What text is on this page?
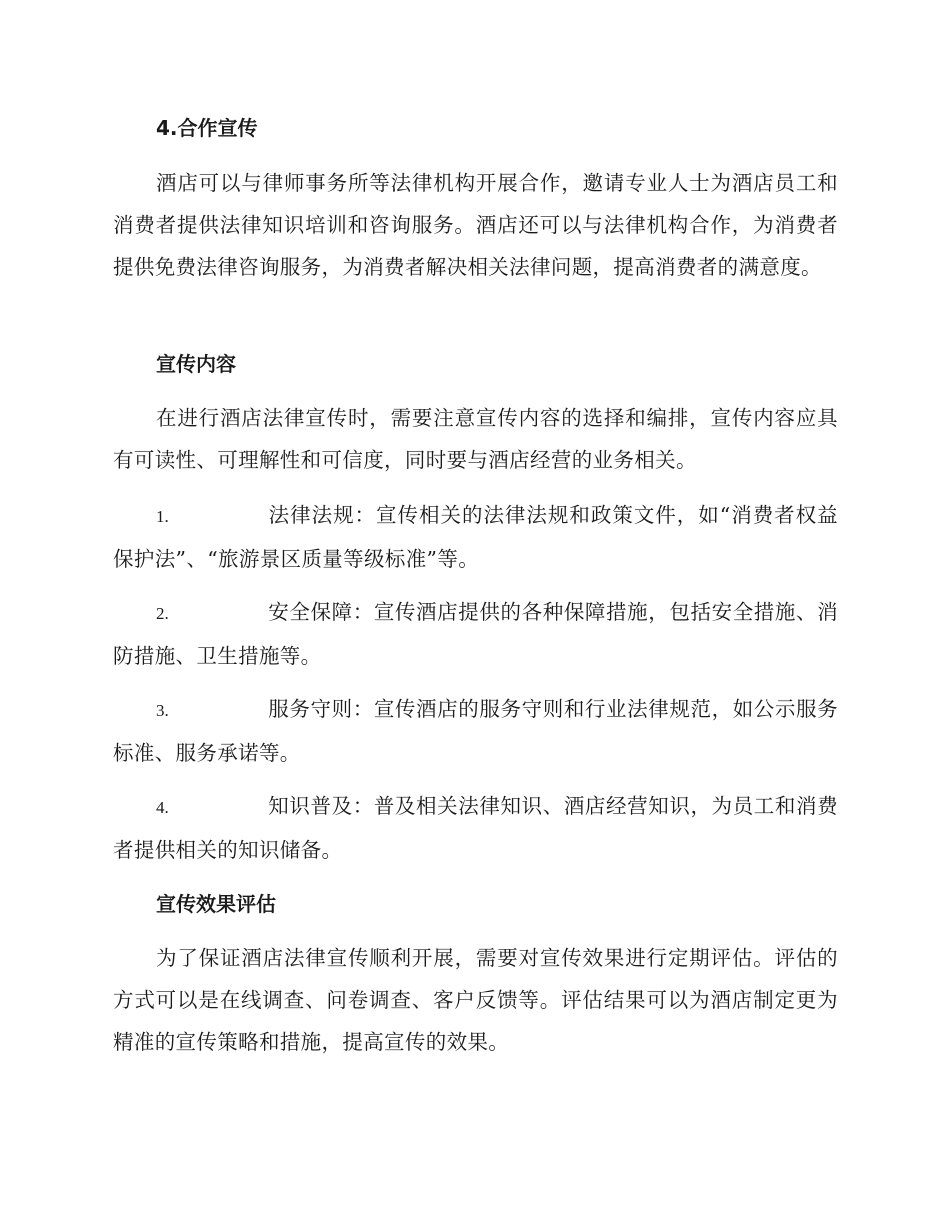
4.合作宣传

酒店可以与律师事务所等法律机构开展合作，邀请专业人士为酒店员工和消费者提供法律知识培训和咨询服务。酒店还可以与法律机构合作，为消费者提供免费法律咨询服务，为消费者解决相关法律问题，提高消费者的满意度。

宣传内容

在进行酒店法律宣传时，需要注意宣传内容的选择和编排，宣传内容应具有可读性、可理解性和可信度，同时要与酒店经营的业务相关。

1.	法律法规：宣传相关的法律法规和政策文件，如“消费者权益保护法”、“旅游景区质量等级标准”等。

2.	安全保障：宣传酒店提供的各种保障措施，包括安全措施、消防措施、卫生措施等。

3.	服务守则：宣传酒店的服务守则和行业法律规范，如公示服务标准、服务承诺等。

4.	知识普及：普及相关法律知识、酒店经营知识，为员工和消费者提供相关的知识储备。

宣传效果评估

为了保证酒店法律宣传顺利开展，需要对宣传效果进行定期评估。评估的方式可以是在线调查、问卷调查、客户反馈等。评估结果可以为酒店制定更为精准的宣传策略和措施，提高宣传的效果。
